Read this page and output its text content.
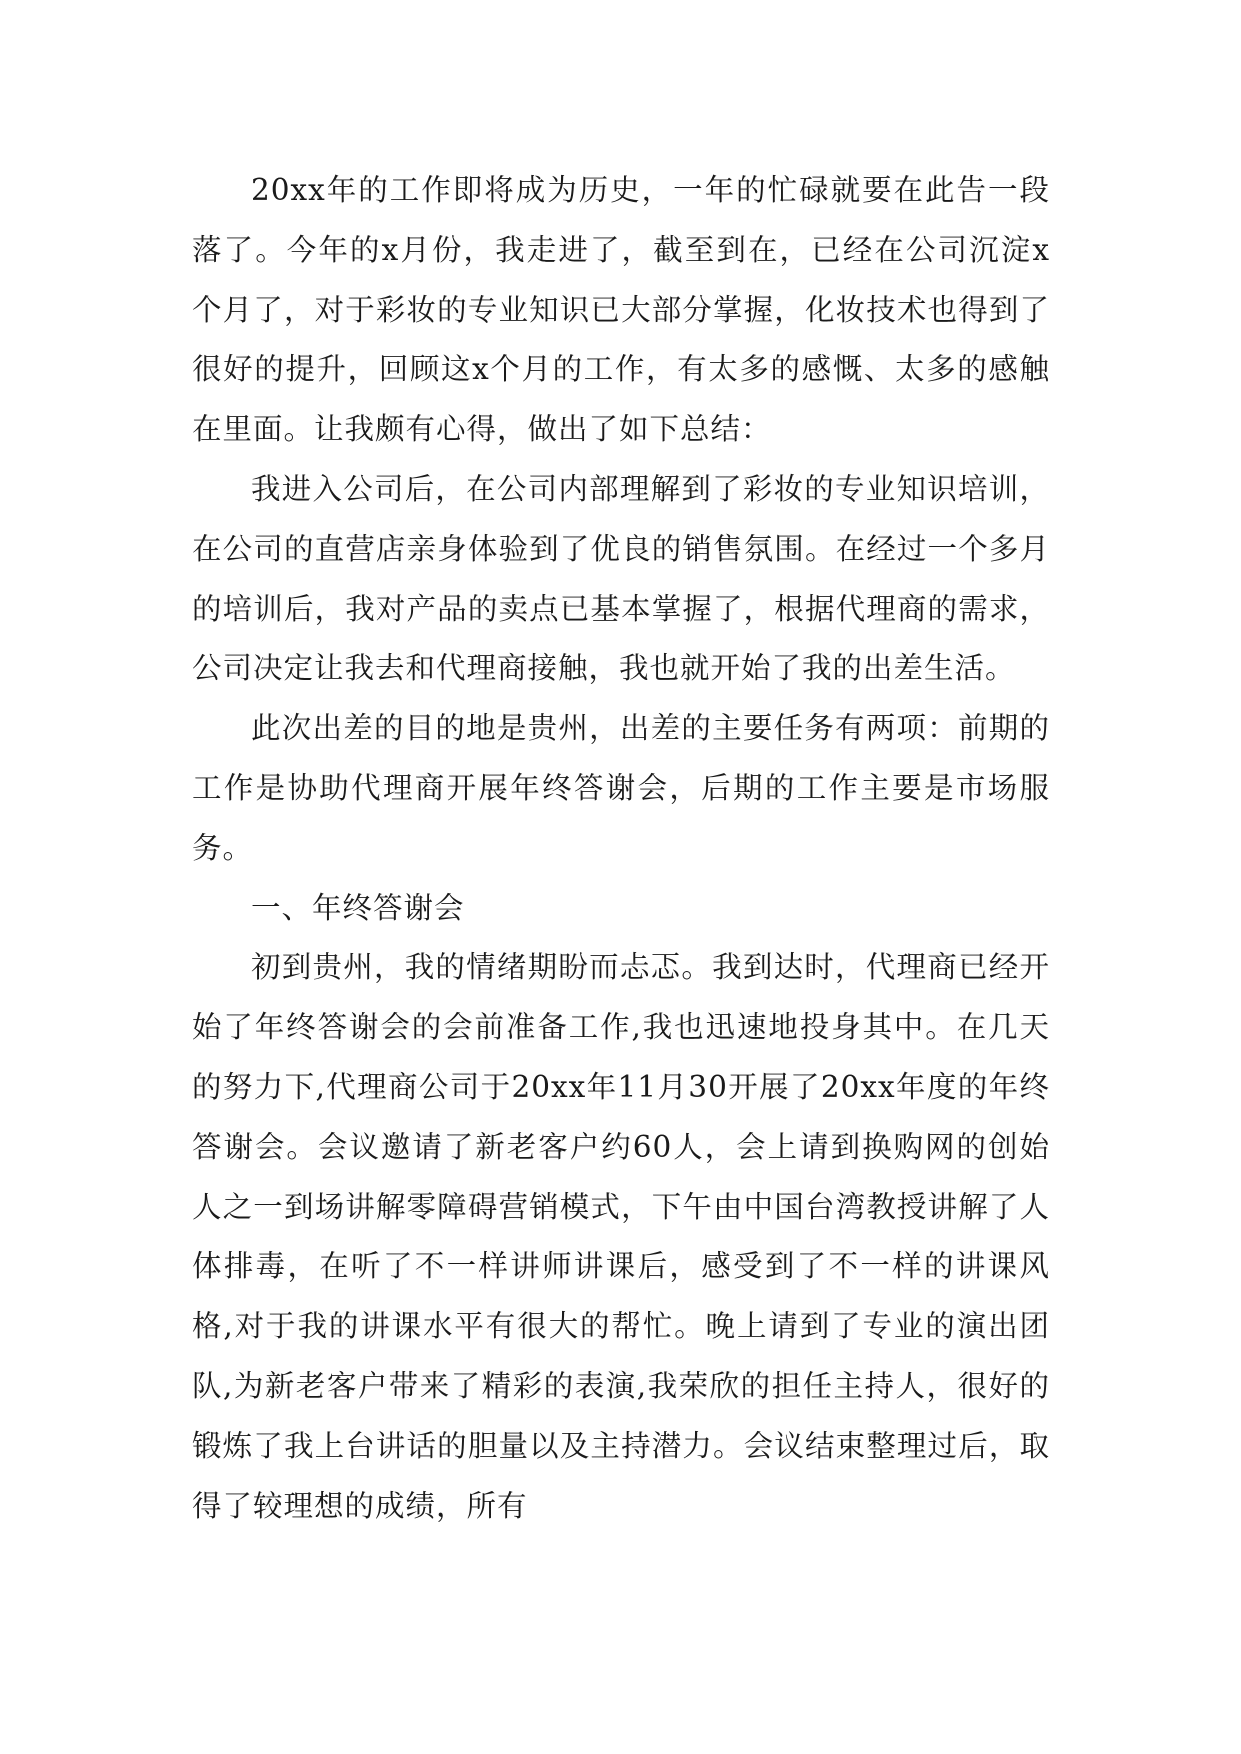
20xx年的工作即将成为历史，一年的忙碌就要在此告一段落了。今年的x月份，我走进了，截至到在，已经在公司沉淀x个月了，对于彩妆的专业知识已大部分掌握，化妆技术也得到了很好的提升，回顾这x个月的工作，有太多的感慨、太多的感触在里面。让我颇有心得，做出了如下总结：

我进入公司后，在公司内部理解到了彩妆的专业知识培训，在公司的直营店亲身体验到了优良的销售氛围。在经过一个多月的培训后，我对产品的卖点已基本掌握了，根据代理商的需求，公司决定让我去和代理商接触，我也就开始了我的出差生活。

此次出差的目的地是贵州，出差的主要任务有两项：前期的工作是协助代理商开展年终答谢会，后期的工作主要是市场服务。

一、年终答谢会

初到贵州，我的情绪期盼而忐忑。我到达时，代理商已经开始了年终答谢会的会前准备工作,我也迅速地投身其中。在几天的努力下,代理商公司于20xx年11月30开展了20xx年度的年终答谢会。会议邀请了新老客户约60人，会上请到换购网的创始人之一到场讲解零障碍营销模式，下午由中国台湾教授讲解了人体排毒，在听了不一样讲师讲课后，感受到了不一样的讲课风格,对于我的讲课水平有很大的帮忙。晚上请到了专业的演出团队,为新老客户带来了精彩的表演,我荣欣的担任主持人，很好的锻炼了我上台讲话的胆量以及主持潜力。会议结束整理过后，取得了较理想的成绩，所有
